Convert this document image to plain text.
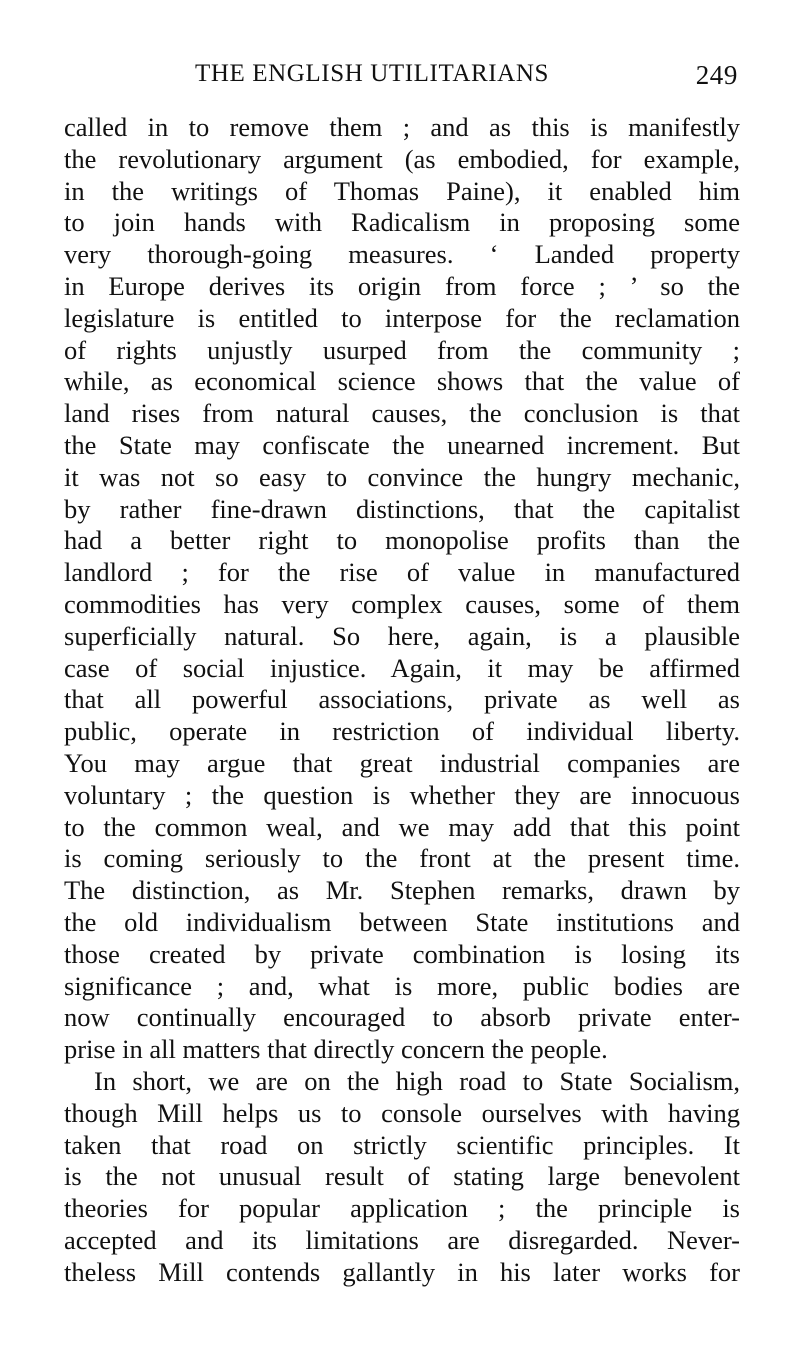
THE ENGLISH UTILITARIANS	249
called in to remove them ; and as this is manifestly
the revolutionary argument (as embodied, for example,
in the writings of Thomas Paine), it enabled him
to join hands with Radicalism in proposing some
very thorough-going measures. ‘ Landed property
in Europe derives its origin from force ; ’ so the
legislature is entitled to interpose for the reclamation
of rights unjustly usurped from the community ;
while, as economical science shows that the value of
land rises from natural causes, the conclusion is that
the State may confiscate the unearned increment. But
it was not so easy to convince the hungry mechanic,
by rather fine-drawn distinctions, that the capitalist
had a better right to monopolise profits than the
landlord ; for the rise of value in manufactured
commodities has very complex causes, some of them
superficially natural. So here, again, is a plausible
case of social injustice. Again, it may be affirmed
that all powerful associations, private as well as
public, operate in restriction of individual liberty.
You may argue that great industrial companies are
voluntary ; the question is whether they are innocuous
to the common weal, and we may add that this point
is coming seriously to the front at the present time.
The distinction, as Mr. Stephen remarks, drawn by
the old individualism between State institutions and
those created by private combination is losing its
significance ; and, what is more, public bodies are
now continually encouraged to absorb private enter-
prise in all matters that directly concern the people.
In short, we are on the high road to State Socialism,
though Mill helps us to console ourselves with having
taken that road on strictly scientific principles. It
is the not unusual result of stating large benevolent
theories for popular application ; the principle is
accepted and its limitations are disregarded. Never-
theless Mill contends gallantly in his later works for
